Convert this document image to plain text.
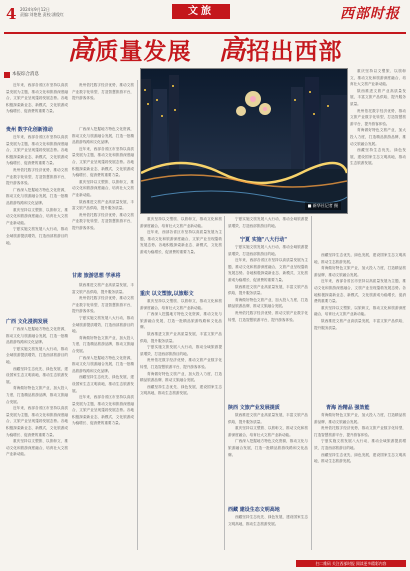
4 2024年9月12日
责编:刘艳艳 责校:潘俊红	文旅	西部时报
高质量发展 高招出西部
本报综合消息
■ 新华社记者 摄

近年来，西部各省区市坚持以高质量发展为主题，推动文化和旅游深度融合，文旅产业呈现蓬勃发展态势。各地积极探索新业态、新模式，文化旅游成为稳增长、促消费的重要力量。

贵州依托数字经济优势，推动文旅产业数字化转型，打造智慧旅游平台，提升游客体验。

贵州 数字化创新推动

近年来，西部各省区市坚持以高质量发展为主题，推动文化和旅游深度融合，文旅产业呈现蓬勃发展态势。各地积极探索新业态、新模式，文化旅游成为稳增长、促消费的重要力量。

贵州依托数字经济优势，推动文旅产业数字化转型，打造智慧旅游平台，提升游客体验。

广西深入挖掘地方特色文化资源，推动文化与旅游融合发展，打造一批精品旅游线路和文化品牌。

重庆坚持以文塑旅、以旅彰文，推动文化和旅游深度融合，培育壮大文旅产业新动能。

宁夏实施文旅发展八大行动，推动全域旅游提质增效，打造西部旅游目的地。

广西深入挖掘地方特色文化资源，推动文化与旅游融合发展，打造一批精品旅游线路和文化品牌。

近年来，西部各省区市坚持以高质量发展为主题，推动文化和旅游深度融合，文旅产业呈现蓬勃发展态势。各地积极探索新业态、新模式，文化旅游成为稳增长、促消费的重要力量。

重庆坚持以文塑旅、以旅彰文，推动文化和旅游深度融合，培育壮大文旅产业新动能。

陕西推进文旅产业高质量发展，丰富文旅产品供给，提升服务质量。

贵州依托数字经济优势，推动文旅产业数字化转型，打造智慧旅游平台，提升游客体验。

广西 文化浸润发展

广西深入挖掘地方特色文化资源，推动文化与旅游融合发展，打造一批精品旅游线路和文化品牌。

宁夏实施文旅发展八大行动，推动全域旅游提质增效，打造西部旅游目的地。

西藏坚持生态优先、绿色发展，建设国家生态文明高地，推动生态旅游发展。

青海做好特色文旅产业，加大投入力度，打造精品旅游品牌，推动文旅融合发展。

近年来，西部各省区市坚持以高质量发展为主题，推动文化和旅游深度融合，文旅产业呈现蓬勃发展态势。各地积极探索新业态、新模式，文化旅游成为稳增长、促消费的重要力量。

重庆坚持以文塑旅、以旅彰文，推动文化和旅游深度融合，培育壮大文旅产业新动能。

甘肃 旅游思想 学承将

陕西推进文旅产业高质量发展，丰富文旅产品供给，提升服务质量。

贵州依托数字经济优势，推动文旅产业数字化转型，打造智慧旅游平台，提升游客体验。

宁夏实施文旅发展八大行动，推动全域旅游提质增效，打造西部旅游目的地。

青海做好特色文旅产业，加大投入力度，打造精品旅游品牌，推动文旅融合发展。

广西深入挖掘地方特色文化资源，推动文化与旅游融合发展，打造一批精品旅游线路和文化品牌。

西藏坚持生态优先、绿色发展，建设国家生态文明高地，推动生态旅游发展。

近年来，西部各省区市坚持以高质量发展为主题，推动文化和旅游深度融合，文旅产业呈现蓬勃发展态势。各地积极探索新业态、新模式，文化旅游成为稳增长、促消费的重要力量。

重庆坚持以文塑旅、以旅彰文，推动文化和旅游深度融合，培育壮大文旅产业新动能。

陕西推进文旅产业高质量发展，丰富文旅产品供给，提升服务质量。

贵州依托数字经济优势，推动文旅产业数字化转型，打造智慧旅游平台，提升游客体验。

青海做好特色文旅产业，加大投入力度，打造精品旅游品牌，推动文旅融合发展。

西藏坚持生态优先、绿色发展，建设国家生态文明高地，推动生态旅游发展。

重庆坚持以文塑旅、以旅彰文，推动文化和旅游深度融合，培育壮大文旅产业新动能。

近年来，西部各省区市坚持以高质量发展为主题，推动文化和旅游深度融合，文旅产业呈现蓬勃发展态势。各地积极探索新业态、新模式，文化旅游成为稳增长、促消费的重要力量。

重庆 以文塑旅,以旅彰文

重庆坚持以文塑旅、以旅彰文，推动文化和旅游深度融合，培育壮大文旅产业新动能。

广西深入挖掘地方特色文化资源，推动文化与旅游融合发展，打造一批精品旅游线路和文化品牌。

陕西推进文旅产业高质量发展，丰富文旅产品供给，提升服务质量。

宁夏实施文旅发展八大行动，推动全域旅游提质增效，打造西部旅游目的地。

贵州依托数字经济优势，推动文旅产业数字化转型，打造智慧旅游平台，提升游客体验。

青海做好特色文旅产业，加大投入力度，打造精品旅游品牌，推动文旅融合发展。

西藏坚持生态优先、绿色发展，建设国家生态文明高地，推动生态旅游发展。

宁夏实施文旅发展八大行动，推动全域旅游提质增效，打造西部旅游目的地。

宁夏 实施"八大行动"

宁夏实施文旅发展八大行动，推动全域旅游提质增效，打造西部旅游目的地。

近年来，西部各省区市坚持以高质量发展为主题，推动文化和旅游深度融合，文旅产业呈现蓬勃发展态势。各地积极探索新业态、新模式，文化旅游成为稳增长、促消费的重要力量。

陕西推进文旅产业高质量发展，丰富文旅产品供给，提升服务质量。

青海做好特色文旅产业，加大投入力度，打造精品旅游品牌，推动文旅融合发展。

贵州依托数字经济优势，推动文旅产业数字化转型，打造智慧旅游平台，提升游客体验。

陕西 文旅产业发展提质

陕西推进文旅产业高质量发展，丰富文旅产品供给，提升服务质量。

重庆坚持以文塑旅、以旅彰文，推动文化和旅游深度融合，培育壮大文旅产业新动能。

广西深入挖掘地方特色文化资源，推动文化与旅游融合发展，打造一批精品旅游线路和文化品牌。

西藏 建设生态文明高地

西藏坚持生态优先、绿色发展，建设国家生态文明高地，推动生态旅游发展。

西藏坚持生态优先、绿色发展，建设国家生态文明高地，推动生态旅游发展。

青海做好特色文旅产业，加大投入力度，打造精品旅游品牌，推动文旅融合发展。

近年来，西部各省区市坚持以高质量发展为主题，推动文化和旅游深度融合，文旅产业呈现蓬勃发展态势。各地积极探索新业态、新模式，文化旅游成为稳增长、促消费的重要力量。

重庆坚持以文塑旅、以旅彰文，推动文化和旅游深度融合，培育壮大文旅产业新动能。

陕西推进文旅产业高质量发展，丰富文旅产品供给，提升服务质量。

青海 治精品 强效能

青海做好特色文旅产业，加大投入力度，打造精品旅游品牌，推动文旅融合发展。

贵州依托数字经济优势，推动文旅产业数字化转型，打造智慧旅游平台，提升游客体验。

宁夏实施文旅发展八大行动，推动全域旅游提质增效，打造西部旅游目的地。

西藏坚持生态优先、绿色发展，建设国家生态文明高地，推动生态旅游发展。

扫二维码 关注西部时报 阅读更多精彩内容
